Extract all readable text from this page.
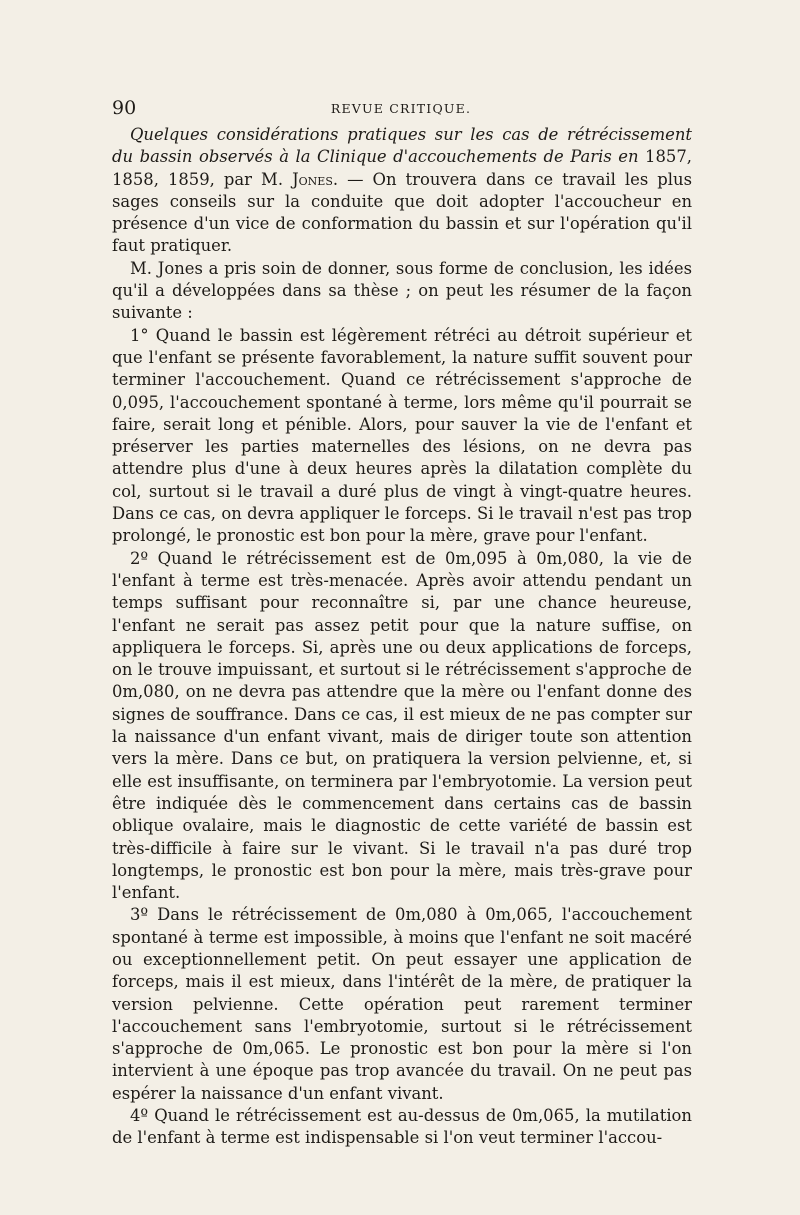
90	REVUE CRITIQUE.

Quelques considérations pratiques sur les cas de rétrécissement du bassin observés à la Clinique d'accouchements de Paris en 1857, 1858, 1859, par M. Jones. — On trouvera dans ce travail les plus sages conseils sur la conduite que doit adopter l'accoucheur en présence d'un vice de conformation du bassin et sur l'opération qu'il faut pratiquer.

M. Jones a pris soin de donner, sous forme de conclusion, les idées qu'il a développées dans sa thèse ; on peut les résumer de la façon suivante :

1° Quand le bassin est légèrement rétréci au détroit supérieur et que l'enfant se présente favorablement, la nature suffit souvent pour terminer l'accouchement. Quand ce rétrécissement s'approche de 0,095, l'accouchement spontané à terme, lors même qu'il pourrait se faire, serait long et pénible. Alors, pour sauver la vie de l'enfant et préserver les parties maternelles des lésions, on ne devra pas attendre plus d'une à deux heures après la dilatation complète du col, surtout si le travail a duré plus de vingt à vingt-quatre heures. Dans ce cas, on devra appliquer le forceps. Si le travail n'est pas trop prolongé, le pronostic est bon pour la mère, grave pour l'enfant.

2º Quand le rétrécissement est de 0m,095 à 0m,080, la vie de l'enfant à terme est très-menacée. Après avoir attendu pendant un temps suffisant pour reconnaître si, par une chance heureuse, l'enfant ne serait pas assez petit pour que la nature suffise, on appliquera le forceps. Si, après une ou deux applications de forceps, on le trouve impuissant, et surtout si le rétrécissement s'approche de 0m,080, on ne devra pas attendre que la mère ou l'enfant donne des signes de souffrance. Dans ce cas, il est mieux de ne pas compter sur la naissance d'un enfant vivant, mais de diriger toute son attention vers la mère. Dans ce but, on pratiquera la version pelvienne, et, si elle est insuffisante, on terminera par l'embryotomie. La version peut être indiquée dès le commencement dans certains cas de bassin oblique ovalaire, mais le diagnostic de cette variété de bassin est très-difficile à faire sur le vivant. Si le travail n'a pas duré trop longtemps, le pronostic est bon pour la mère, mais très-grave pour l'enfant.

3º Dans le rétrécissement de 0m,080 à 0m,065, l'accouchement spontané à terme est impossible, à moins que l'enfant ne soit macéré ou exceptionnellement petit. On peut essayer une application de forceps, mais il est mieux, dans l'intérêt de la mère, de pratiquer la version pelvienne. Cette opération peut rarement terminer l'accouchement sans l'embryotomie, surtout si le rétrécissement s'approche de 0m,065. Le pronostic est bon pour la mère si l'on intervient à une époque pas trop avancée du travail. On ne peut pas espérer la naissance d'un enfant vivant.

4º Quand le rétrécissement est au-dessus de 0m,065, la mutilation de l'enfant à terme est indispensable si l'on veut terminer l'accou-
